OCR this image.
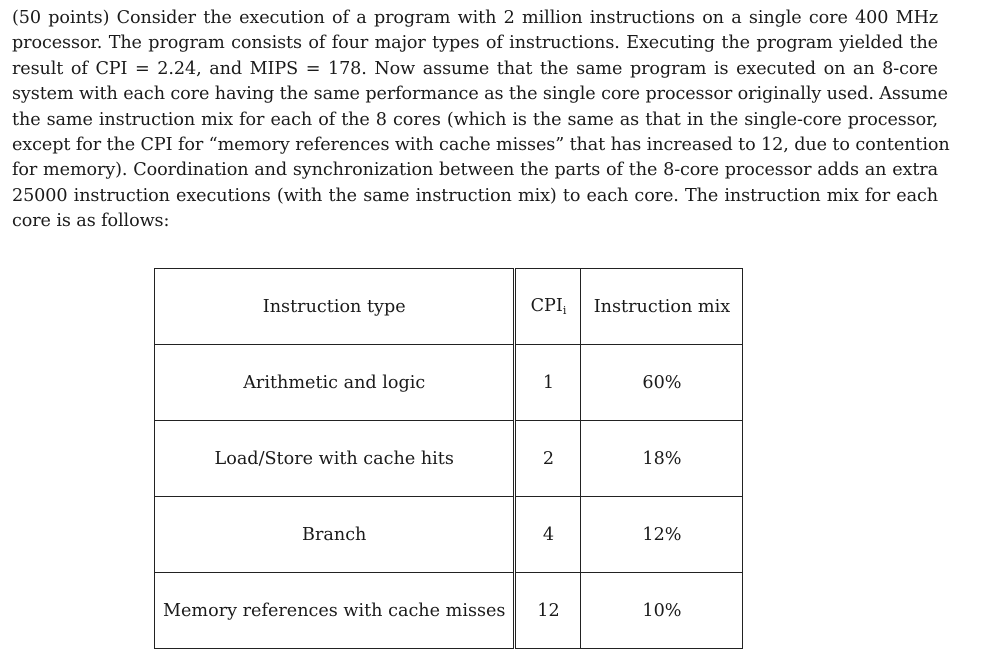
(50 points) Consider the execution of a program with 2 million instructions on a single core 400 MHz
processor. The program consists of four major types of instructions. Executing the program yielded the
result of CPI = 2.24, and MIPS = 178. Now assume that the same program is executed on an 8-core
system with each core having the same performance as the single core processor originally used. Assume
the same instruction mix for each of the 8 cores (which is the same as that in the single-core processor,
except for the CPI for “memory references with cache misses” that has increased to 12, due to contention
for memory). Coordination and synchronization between the parts of the 8-core processor adds an extra
25000 instruction executions (with the same instruction mix) to each core. The instruction mix for each
core is as follows:
Instruction type	$CPI_i$	Instruction mix
Arithmetic and logic	1	60%
Load/Store with cache hits	2	18%
Branch	4	12%
Memory references with cache misses	12	10%
